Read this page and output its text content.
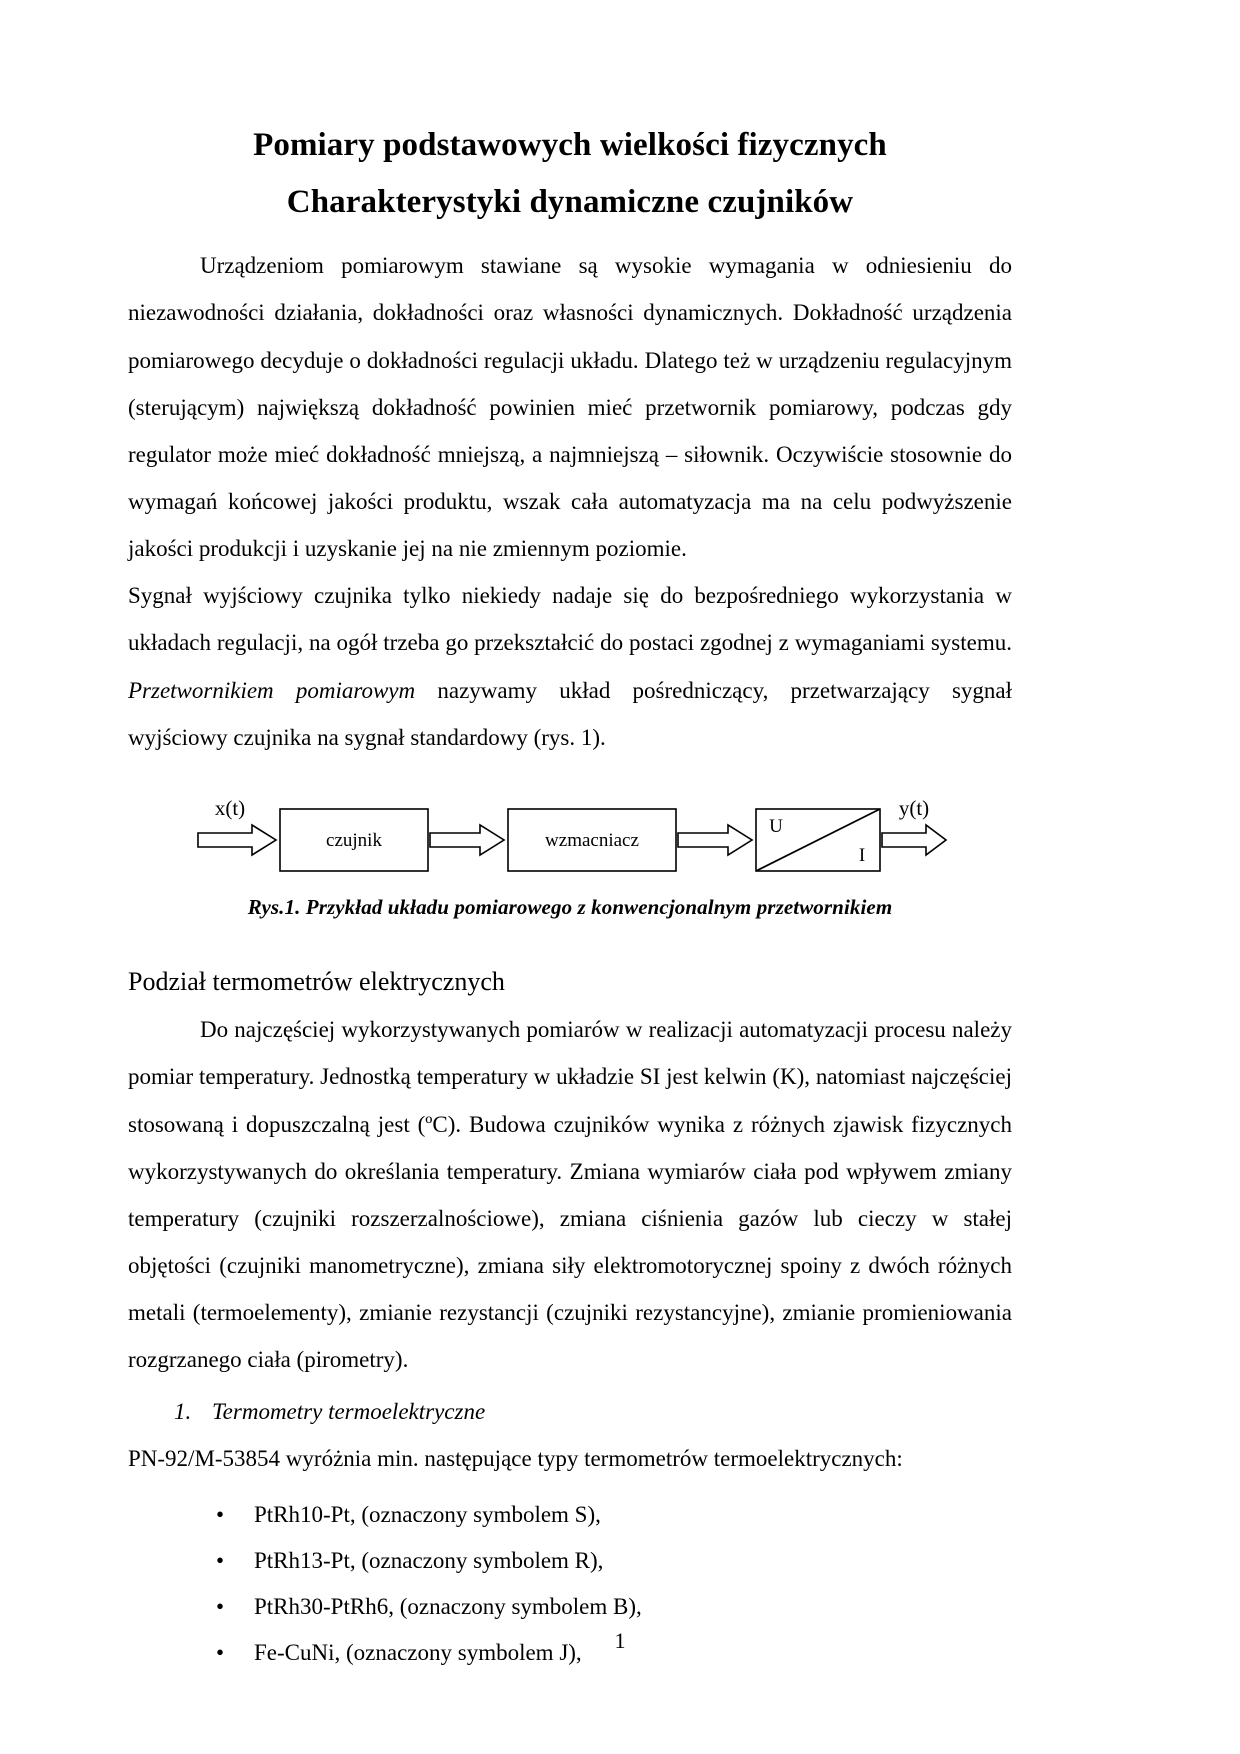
Pomiary podstawowych wielkości fizycznych
Charakterystyki dynamiczne czujników

Urządzeniom pomiarowym stawiane są wysokie wymagania w odniesieniu do niezawodności działania, dokładności oraz własności dynamicznych. Dokładność urządzenia pomiarowego decyduje o dokładności regulacji układu. Dlatego też w urządzeniu regulacyjnym (sterującym) największą dokładność powinien mieć przetwornik pomiarowy, podczas gdy regulator może mieć dokładność mniejszą, a najmniejszą – siłownik. Oczywiście stosownie do wymagań końcowej jakości produktu, wszak cała automatyzacja ma na celu podwyższenie jakości produkcji i uzyskanie jej na nie zmiennym poziomie.

Sygnał wyjściowy czujnika tylko niekiedy nadaje się do bezpośredniego wykorzystania w układach regulacji, na ogół trzeba go przekształcić do postaci zgodnej z wymaganiami systemu. Przetwornikiem pomiarowym nazywamy układ pośredniczący, przetwarzający sygnał wyjściowy czujnika na sygnał standardowy (rys. 1).

czujnik	wzmacniacz
U
I
x(t)	y(t)
Rys.1. Przykład układu pomiarowego z konwencjonalnym przetwornikiem
Podział termometrów elektrycznych

Do najczęściej wykorzystywanych pomiarów w realizacji automatyzacji procesu należy pomiar temperatury. Jednostką temperatury w układzie SI jest kelwin (K), natomiast najczęściej stosowaną i dopuszczalną jest (ºC). Budowa czujników wynika z różnych zjawisk fizycznych wykorzystywanych do określania temperatury. Zmiana wymiarów ciała pod wpływem zmiany temperatury (czujniki rozszerzalnościowe), zmiana ciśnienia gazów lub cieczy w stałej objętości (czujniki manometryczne), zmiana siły elektromotorycznej spoiny z dwóch różnych metali (termoelementy), zmianie rezystancji (czujniki rezystancyjne), zmianie promieniowania rozgrzanego ciała (pirometry).

1. Termometry termoelektryczne

PN-92/M-53854 wyróżnia min. następujące typy termometrów termoelektrycznych:

• PtRh10-Pt, (oznaczony symbolem S),
• PtRh13-Pt, (oznaczony symbolem R),
• PtRh30-PtRh6, (oznaczony symbolem B),
• Fe-CuNi, (oznaczony symbolem J),	1
